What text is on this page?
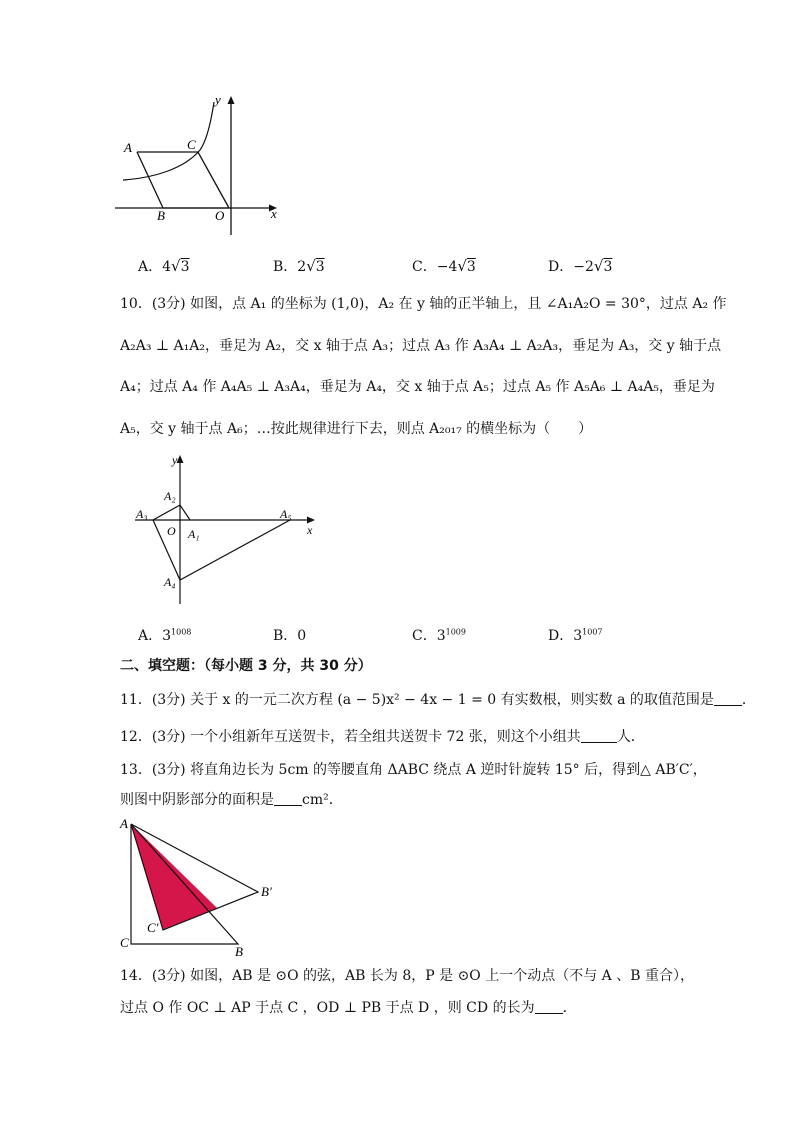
A	C
B	O	x
y
A．4√3	B．2√3	C．−4√3	D．−2√3
10．(3分) 如图，点 A₁ 的坐标为 (1,0)，A₂ 在 y 轴的正半轴上，且 ∠A₁A₂O = 30°，过点 A₂ 作
A₂A₃ ⊥ A₁A₂，垂足为 A₂，交 x 轴于点 A₃；过点 A₃ 作 A₃A₄ ⊥ A₂A₃，垂足为 A₃，交 y 轴于点
A₄；过点 A₄ 作 A₄A₅ ⊥ A₃A₄，垂足为 A₄，交 x 轴于点 A₅；过点 A₅ 作 A₅A₆ ⊥ A₄A₅，垂足为
A₅，交 y 轴于点 A₆；…按此规律进行下去，则点 A₂₀₁₇ 的横坐标为（　　）
y
x
A₂
A₃
O A₁
A₅
A₄
A．$3^{1008}$	B．0	C．$3^{1009}$	D．$3^{1007}$
二、填空题：（每小题 3 分，共 30 分）
11．(3分) 关于 x 的一元二次方程 (a − 5)x² − 4x − 1 = 0 有实数根，则实数 a 的取值范围是 ．
12．(3分) 一个小组新年互送贺卡，若全组共送贺卡 72 张，则这个小组共	人．
13．(3分) 将直角边长为 5cm 的等腰直角 ΔABC 绕点 A 逆时针旋转 15° 后，得到△ AB′C′，
则图中阴影部分的面积是 cm²．
A
C
B
B′
C′
14．(3分) 如图，AB 是 ⊙O 的弦，AB 长为 8，P 是 ⊙O 上一个动点（不与 A 、B 重合），
过点 O 作 OC ⊥ AP 于点 C ，OD ⊥ PB 于点 D ，则 CD 的长为 ．
